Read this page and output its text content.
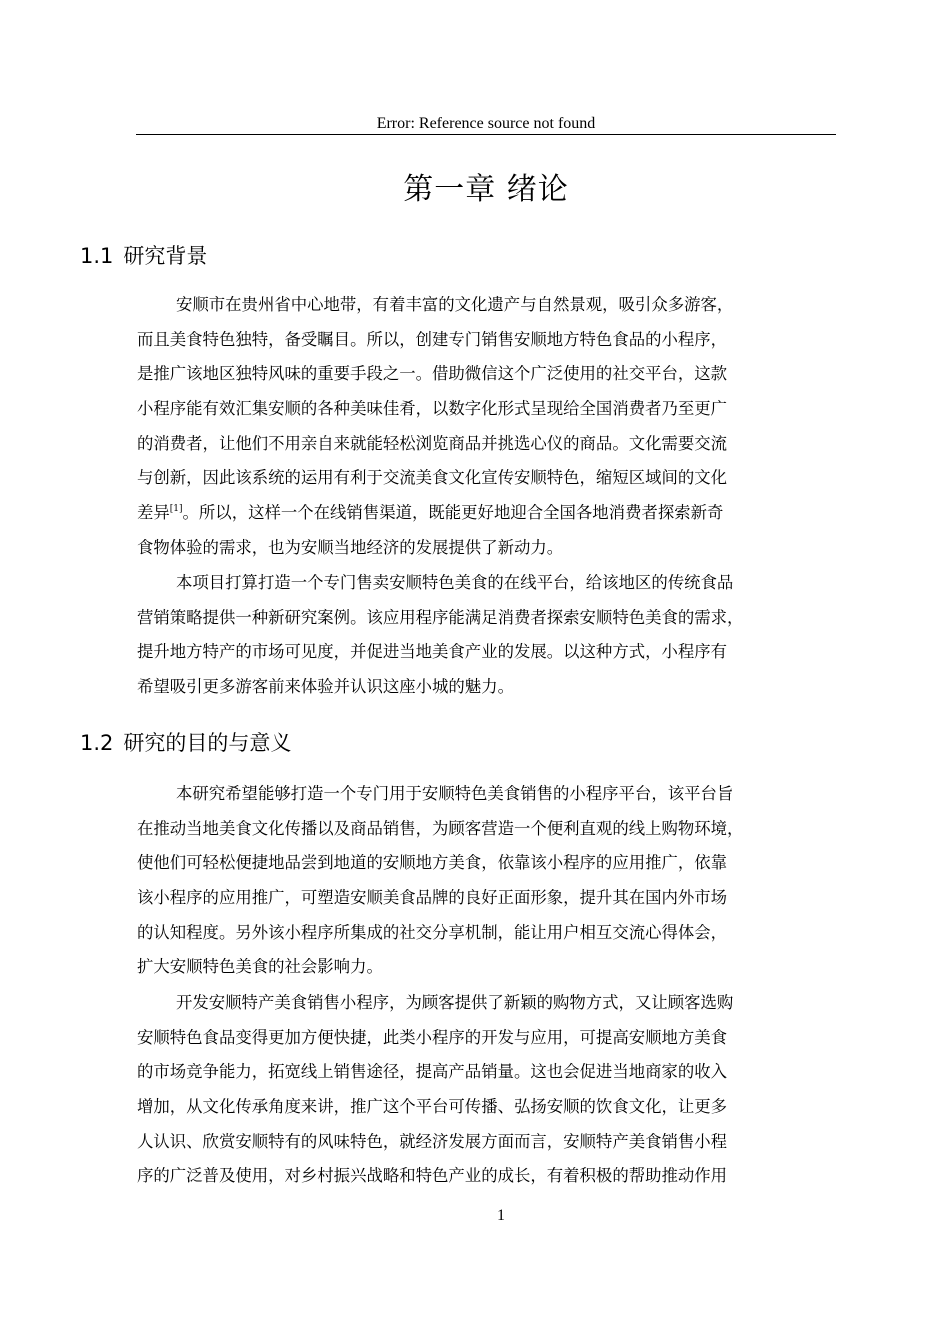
Error: Reference source not found
第一章 绪论
1.1 研究背景

安顺市在贵州省中心地带，有着丰富的文化遗产与自然景观，吸引众多游客，
而且美食特色独特，备受瞩目。所以，创建专门销售安顺地方特色食品的小程序，
是推广该地区独特风味的重要手段之一。借助微信这个广泛使用的社交平台，这款
小程序能有效汇集安顺的各种美味佳肴，以数字化形式呈现给全国消费者乃至更广
的消费者，让他们不用亲自来就能轻松浏览商品并挑选心仪的商品。文化需要交流
与创新，因此该系统的运用有利于交流美食文化宣传安顺特色，缩短区域间的文化
差异[1]。所以，这样一个在线销售渠道，既能更好地迎合全国各地消费者探索新奇
食物体验的需求，也为安顺当地经济的发展提供了新动力。

本项目打算打造一个专门售卖安顺特色美食的在线平台，给该地区的传统食品
营销策略提供一种新研究案例。该应用程序能满足消费者探索安顺特色美食的需求，
提升地方特产的市场可见度，并促进当地美食产业的发展。以这种方式，小程序有
希望吸引更多游客前来体验并认识这座小城的魅力。

1.2 研究的目的与意义

本研究希望能够打造一个专门用于安顺特色美食销售的小程序平台，该平台旨
在推动当地美食文化传播以及商品销售，为顾客营造一个便利直观的线上购物环境，
使他们可轻松便捷地品尝到地道的安顺地方美食，依靠该小程序的应用推广，依靠
该小程序的应用推广，可塑造安顺美食品牌的良好正面形象，提升其在国内外市场
的认知程度。另外该小程序所集成的社交分享机制，能让用户相互交流心得体会，
扩大安顺特色美食的社会影响力。

开发安顺特产美食销售小程序，为顾客提供了新颖的购物方式，又让顾客选购
安顺特色食品变得更加方便快捷，此类小程序的开发与应用，可提高安顺地方美食
的市场竞争能力，拓宽线上销售途径，提高产品销量。这也会促进当地商家的收入
增加，从文化传承角度来讲，推广这个平台可传播、弘扬安顺的饮食文化，让更多
人认识、欣赏安顺特有的风味特色，就经济发展方面而言，安顺特产美食销售小程
序的广泛普及使用，对乡村振兴战略和特色产业的成长，有着积极的帮助推动作用

1
